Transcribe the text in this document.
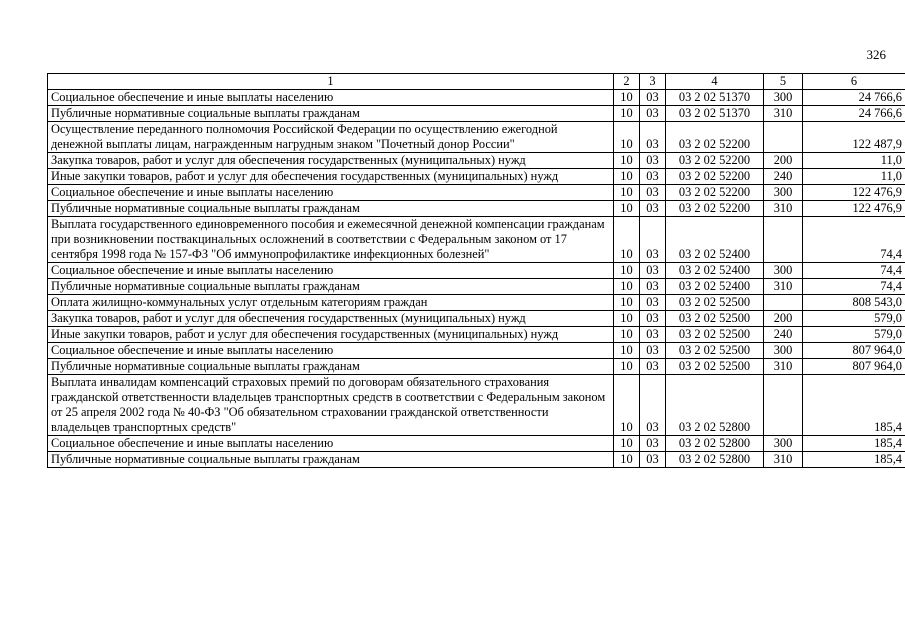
326
1	2	3	4	5	6
Социальное обеспечение и иные выплаты населению	10	03	03 2 02 51370	300	24 766,6
Публичные нормативные социальные выплаты гражданам	10	03	03 2 02 51370	310	24 766,6
Осуществление переданного полномочия Российской Федерации по осуществлению ежегодной денежной выплаты лицам, награжденным нагрудным знаком "Почетный донор России"	10	03	03 2 02 52200		122 487,9
Закупка товаров, работ и услуг для обеспечения государственных (муниципальных) нужд	10	03	03 2 02 52200	200	11,0
Иные закупки товаров, работ и услуг для обеспечения государственных (муниципальных) нужд	10	03	03 2 02 52200	240	11,0
Социальное обеспечение и иные выплаты населению	10	03	03 2 02 52200	300	122 476,9
Публичные нормативные социальные выплаты гражданам	10	03	03 2 02 52200	310	122 476,9
Выплата государственного единовременного пособия и ежемесячной денежной компенсации гражданам при возникновении поствакцинальных осложнений в соответствии с Федеральным законом от 17 сентября 1998 года № 157-ФЗ "Об иммунопрофилактике инфекционных болезней"	10	03	03 2 02 52400		74,4
Социальное обеспечение и иные выплаты населению	10	03	03 2 02 52400	300	74,4
Публичные нормативные социальные выплаты гражданам	10	03	03 2 02 52400	310	74,4
Оплата жилищно-коммунальных услуг отдельным категориям граждан	10	03	03 2 02 52500		808 543,0
Закупка товаров, работ и услуг для обеспечения государственных (муниципальных) нужд	10	03	03 2 02 52500	200	579,0
Иные закупки товаров, работ и услуг для обеспечения государственных (муниципальных) нужд	10	03	03 2 02 52500	240	579,0
Социальное обеспечение и иные выплаты населению	10	03	03 2 02 52500	300	807 964,0
Публичные нормативные социальные выплаты гражданам	10	03	03 2 02 52500	310	807 964,0
Выплата инвалидам компенсаций страховых премий по договорам обязательного страхования гражданской ответственности владельцев транспортных средств в соответствии с Федеральным законом от 25 апреля 2002 года № 40-ФЗ "Об обязательном страховании гражданской ответственности владельцев транспортных средств"	10	03	03 2 02 52800		185,4
Социальное обеспечение и иные выплаты населению	10	03	03 2 02 52800	300	185,4
Публичные нормативные социальные выплаты гражданам	10	03	03 2 02 52800	310	185,4
